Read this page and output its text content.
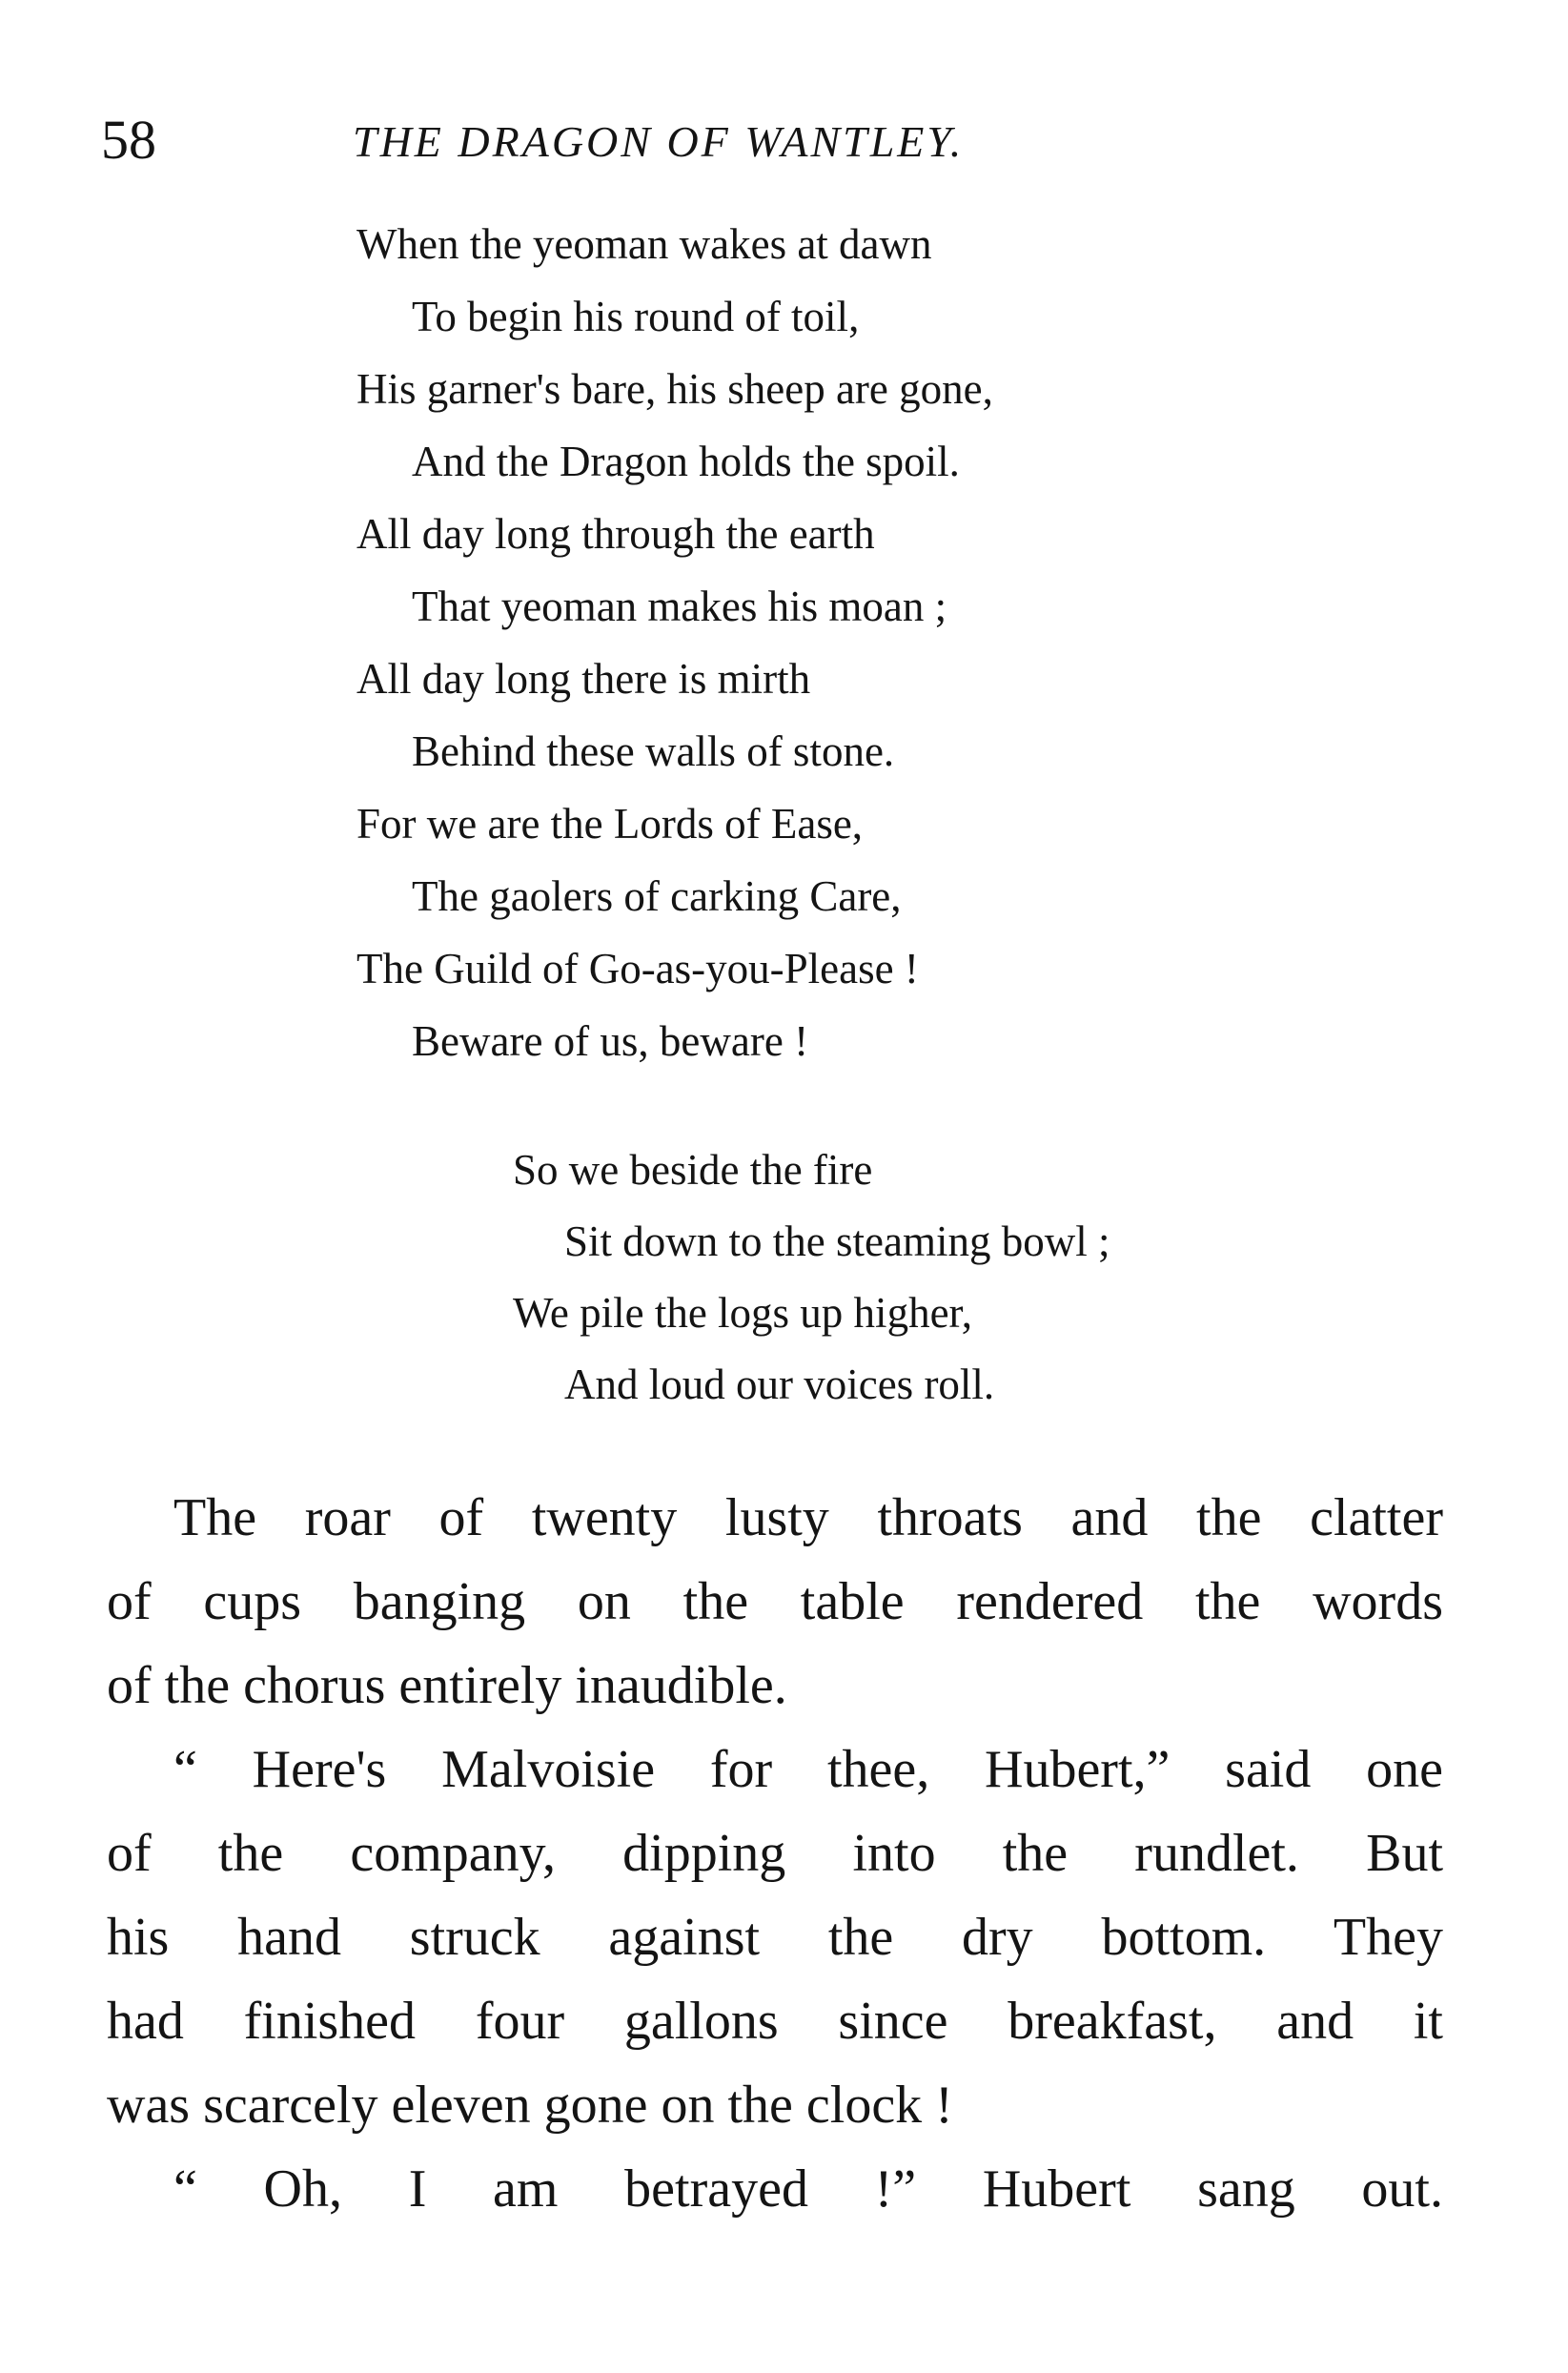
58	THE DRAGON OF WANTLEY.
When the yeoman wakes at dawn
To begin his round of toil,
His garner's bare, his sheep are gone,
And the Dragon holds the spoil.
All day long through the earth
That yeoman makes his moan ;
All day long there is mirth
Behind these walls of stone.
For we are the Lords of Ease,
The gaolers of carking Care,
The Guild of Go-as-you-Please !
Beware of us, beware !
So we beside the fire
Sit down to the steaming bowl ;
We pile the logs up higher,
And loud our voices roll.
The roar of twenty lusty throats and the clatter
of cups banging on the table rendered the words
of the chorus entirely inaudible.
“ Here's Malvoisie for thee, Hubert,” said one
of the company, dipping into the rundlet. But
his hand struck against the dry bottom. They
had finished four gallons since breakfast, and it
was scarcely eleven gone on the clock !
“ Oh, I am betrayed !” Hubert sang out.
